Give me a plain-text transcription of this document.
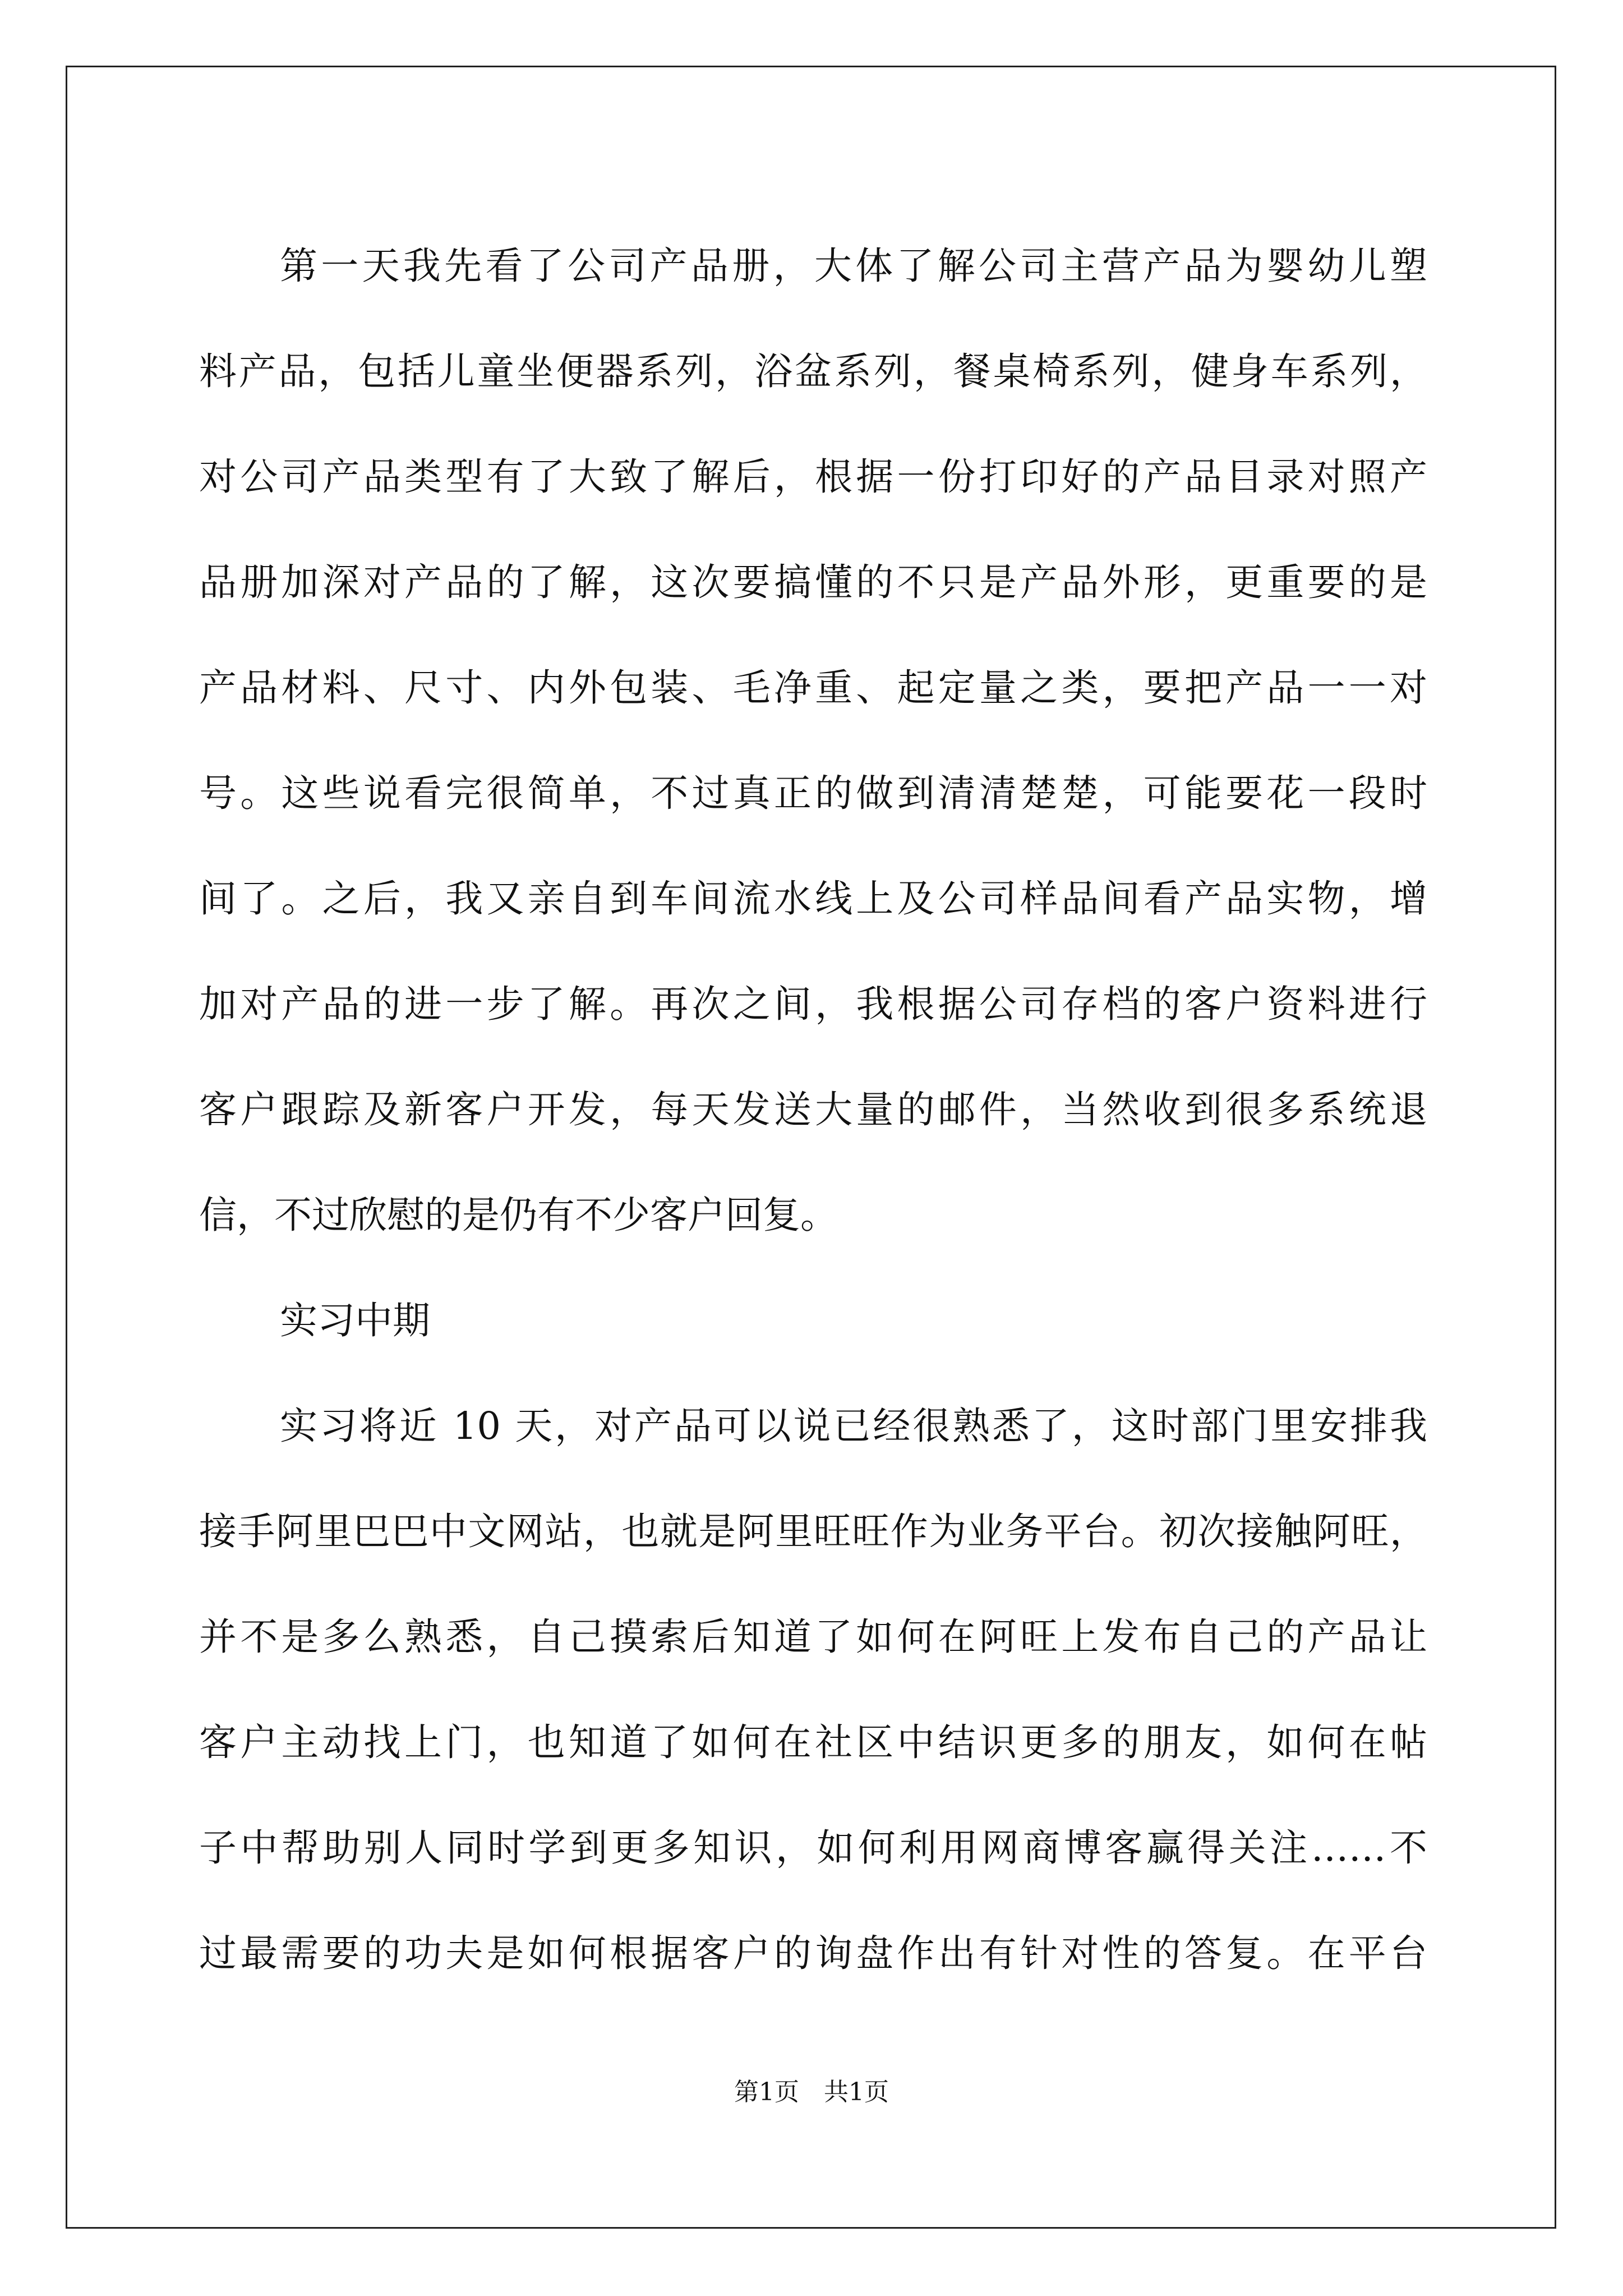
第一天我先看了公司产品册，大体了解公司主营产品为婴幼儿塑
料产品，包括儿童坐便器系列，浴盆系列，餐桌椅系列，健身车系列，
对公司产品类型有了大致了解后，根据一份打印好的产品目录对照产
品册加深对产品的了解，这次要搞懂的不只是产品外形，更重要的是
产品材料、尺寸、内外包装、毛净重、起定量之类，要把产品一一对
号。这些说看完很简单，不过真正的做到清清楚楚，可能要花一段时
间了。之后，我又亲自到车间流水线上及公司样品间看产品实物，增
加对产品的进一步了解。再次之间，我根据公司存档的客户资料进行
客户跟踪及新客户开发，每天发送大量的邮件，当然收到很多系统退
信，不过欣慰的是仍有不少客户回复。
实习中期
实习将近 10 天，对产品可以说已经很熟悉了，这时部门里安排我
接手阿里巴巴中文网站，也就是阿里旺旺作为业务平台。初次接触阿旺，
并不是多么熟悉，自己摸索后知道了如何在阿旺上发布自己的产品让
客户主动找上门，也知道了如何在社区中结识更多的朋友，如何在帖
子中帮助别人同时学到更多知识，如何利用网商博客赢得关注……不
过最需要的功夫是如何根据客户的询盘作出有针对性的答复。在平台
第1页　共1页
